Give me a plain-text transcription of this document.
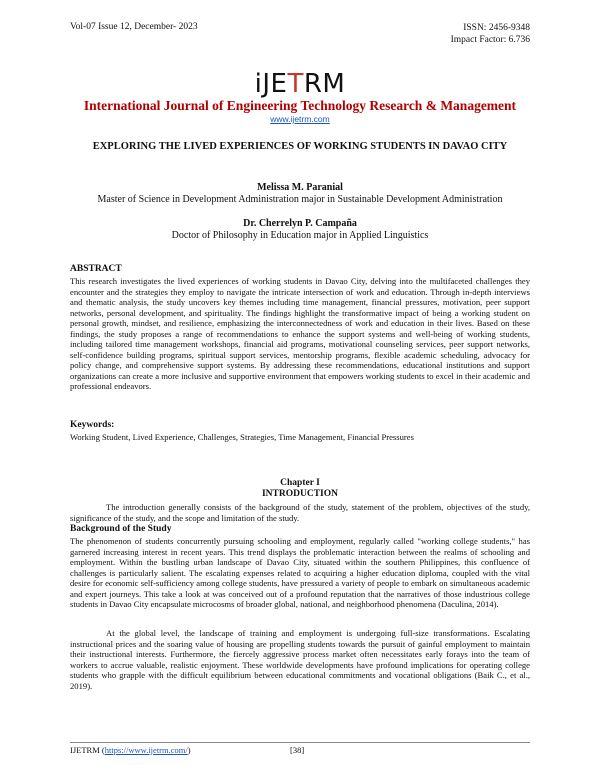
Vol-07 Issue 12, December- 2023	ISSN: 2456-9348
Impact Factor: 6.736
iJETRM
International Journal of Engineering Technology Research & Management
www.ijetrm.com
EXPLORING THE LIVED EXPERIENCES OF WORKING STUDENTS IN DAVAO CITY
Melissa M. Paranial
Master of Science in Development Administration major in Sustainable Development Administration
Dr. Cherrelyn P. Campaña
Doctor of Philosophy in Education major in Applied Linguistics
ABSTRACT
This research investigates the lived experiences of working students in Davao City, delving into the multifaceted challenges they encounter and the strategies they employ to navigate the intricate intersection of work and education. Through in-depth interviews and thematic analysis, the study uncovers key themes including time management, financial pressures, motivation, peer support networks, personal development, and spirituality. The findings highlight the transformative impact of being a working student on personal growth, mindset, and resilience, emphasizing the interconnectedness of work and education in their lives. Based on these findings, the study proposes a range of recommendations to enhance the support systems and well-being of working students, including tailored time management workshops, financial aid programs, motivational counseling services, peer support networks, self-confidence building programs, spiritual support services, mentorship programs, flexible academic scheduling, advocacy for policy change, and comprehensive support systems. By addressing these recommendations, educational institutions and support organizations can create a more inclusive and supportive environment that empowers working students to excel in their academic and professional endeavors.
Keywords:
Working Student, Lived Experience, Challenges, Strategies, Time Management, Financial Pressures
Chapter I
INTRODUCTION
The introduction generally consists of the background of the study, statement of the problem, objectives of the study, significance of the study, and the scope and limitation of the study.
Background of the Study
The phenomenon of students concurrently pursuing schooling and employment, regularly called "working college students," has garnered increasing interest in recent years. This trend displays the problematic interaction between the realms of schooling and employment. Within the bustling urban landscape of Davao City, situated within the southern Philippines, this confluence of challenges is particularly salient. The escalating expenses related to acquiring a higher education diploma, coupled with the vital desire for economic self-sufficiency among college students, have pressured a variety of people to embark on simultaneous academic and expert journeys. This take a look at was conceived out of a profound reputation that the narratives of those industrious college students in Davao City encapsulate microcosms of broader global, national, and neighborhood phenomena (Daculina, 2014).
At the global level, the landscape of training and employment is undergoing full-size transformations. Escalating instructional prices and the soaring value of housing are propelling students towards the pursuit of gainful employment to maintain their instructional interests. Furthermore, the fiercely aggressive process market often necessitates early forays into the team of workers to accrue valuable, realistic enjoyment. These worldwide developments have profound implications for operating college students who grapple with the difficult equilibrium between educational commitments and vocational obligations (Baik C., et al., 2019).
IJETRM (https://www.ijetrm.com/)	[38]
